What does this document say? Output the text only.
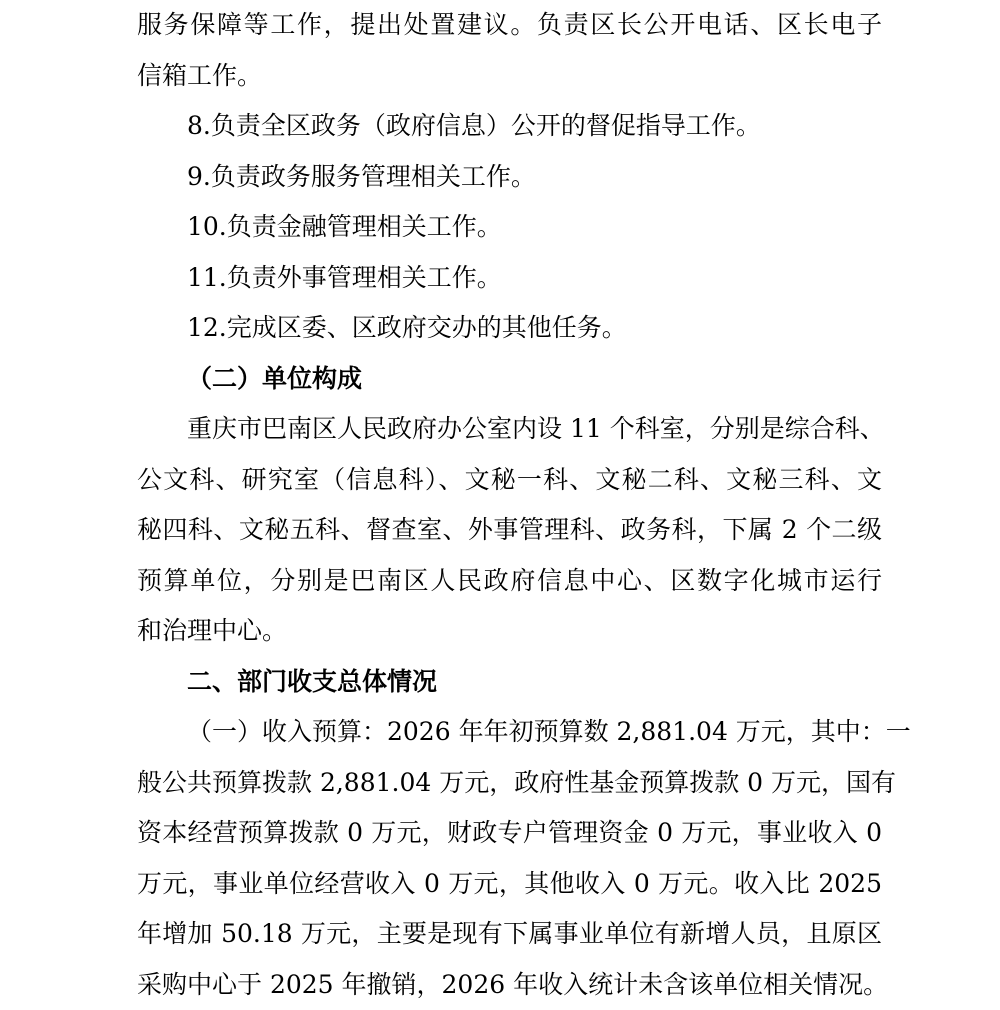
服务保障等工作，提出处置建议。负责区长公开电话、区长电子

信箱工作。

8.负责全区政务（政府信息）公开的督促指导工作。

9.负责政务服务管理相关工作。

10.负责金融管理相关工作。

11.负责外事管理相关工作。

12.完成区委、区政府交办的其他任务。

（二）单位构成

重庆市巴南区人民政府办公室内设 11 个科室，分别是综合科、

公文科、研究室（信息科）、文秘一科、文秘二科、文秘三科、文

秘四科、文秘五科、督查室、外事管理科、政务科，下属 2 个二级

预算单位，分别是巴南区人民政府信息中心、区数字化城市运行

和治理中心。

二、部门收支总体情况

（一）收入预算：2026 年年初预算数 2,881.04 万元，其中：一

般公共预算拨款 2,881.04 万元，政府性基金预算拨款 0 万元，国有

资本经营预算拨款 0 万元，财政专户管理资金 0 万元，事业收入 0

万元，事业单位经营收入 0 万元，其他收入 0 万元。收入比 2025

年增加 50.18 万元，主要是现有下属事业单位有新增人员，且原区

采购中心于 2025 年撤销，2026 年收入统计未含该单位相关情况。
